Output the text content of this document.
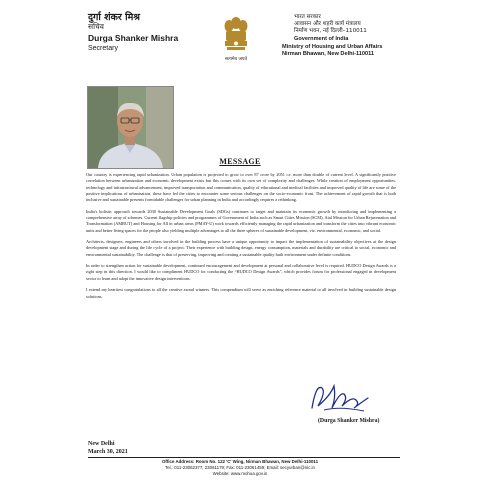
दुर्गा शंकर मिश्र
सचिव
Durga Shanker Mishra
Secretary
सत्यमेव जयते
भारत सरकार
आवासन और शहरी कार्य मंत्रालय
निर्माण भवन, नई दिल्ली–110011
Government of India
Ministry of Housing and Urban Affairs
Nirman Bhawan, New Delhi-110011
MESSAGE

Our country is experiencing rapid urbanization. Urban population is projected to grow to over 87 crore by 2051 i.e. more than double of current level. A significantly positive correlation between urbanization and economic development exists but this comes with its own set of complexity and challenges. While creation of employment opportunities, technology and infrastructural advancement, improved transportation and communication, quality of educational and medical facilities and improved quality of life are some of the positive implications of urbanisation, these have led the cities to encounter some serious challenges on the socio-economic front. The achievement of rapid growth that is both inclusive and sustainable presents formidable challenges for urban planning in India and accordingly requires a rethinking.

India's holistic approach towards 2030 Sustainable Development Goals (SDGs) continues to target and maintain its economic growth by introducing and implementing a comprehensive array of schemes. Current flagship policies and programmes of Government of India such as Smart Cities Mission (SCM), Atal Mission for Urban Rejuvenation and Transformation (AMRUT) and Housing for All in urban areas (PMAY-U) work towards efficiently managing the rapid urbanization and transform the cities into vibrant economic units and better living spaces for the people also yielding multiple advantages to all the three spheres of sustainable development, viz. environmental, economic, and social.

Architects, designers, engineers and others involved in the building process have a unique opportunity to impact the implementation of sustainability objectives at the design development stage and during the life cycle of a project. Their experience with building design, energy consumption, materials and durability are critical to social, economic and environmental sustainability. The challenge is that of preserving, improving and creating a sustainable quality built environment under definite conditions.

In order to strengthen action for sustainable development, continued encouragement and development at personal and collaborative level is required. HUDCO Design Awards is a right step in this direction. I would like to compliment HUDCO for conducting the “HUDCO Design Awards”, which provides forum for professional engaged in development sector to learn and adopt the innovative design interventions.

I extend my heartiest congratulations to all the creative award winners. This compendium will serve as enriching reference material to all involved in building sustainable design solutions.

(Durga Shanker Mishra)
New Delhi
March 30, 2021
Office Address: Room No. 122 'C' Wing, Nirman Bhawan, New Delhi-110011
Tel.: 011-23062377, 23061179; Fax: 011-23061459; Email: secyurban@nic.in
Website: www.mohua.gov.in
